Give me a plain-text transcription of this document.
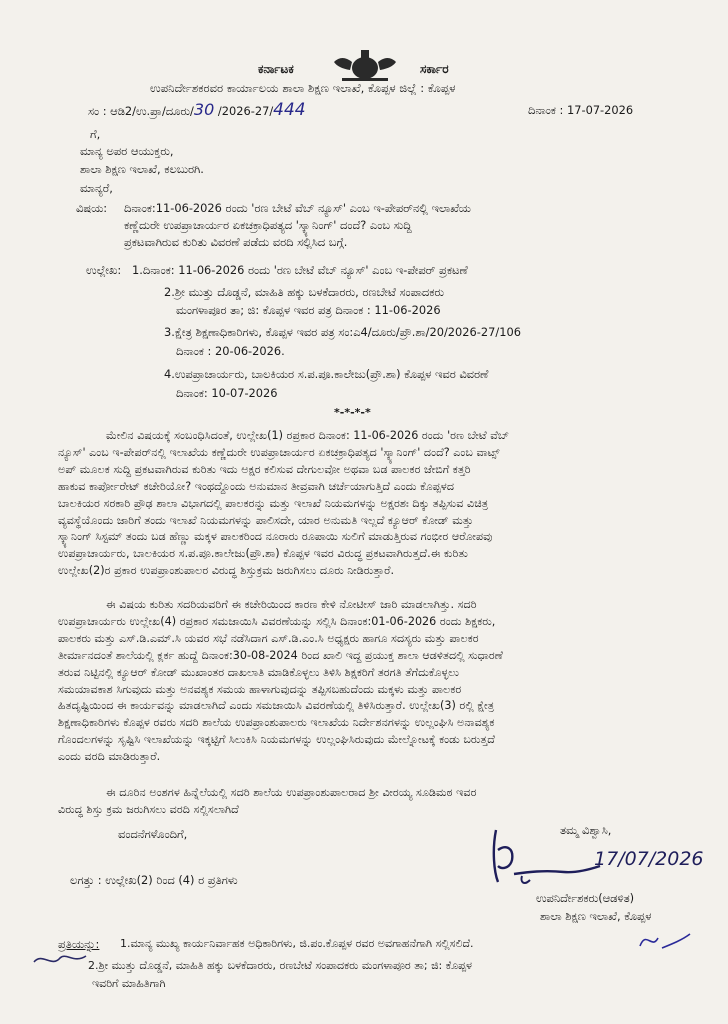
ಕರ್ನಾಟಕ	ಸರ್ಕಾರ
ಉಪನಿರ್ದೇಶಕರವರ ಕಾರ್ಯಾಲಯ ಶಾಲಾ ಶಿಕ್ಷಣ ಇಲಾಖೆ, ಕೊಪ್ಪಳ ಜಿಲ್ಲೆ : ಕೊಪ್ಪಳ
ಸಂ : ಆಡಿ2/ಉ.ಪ್ರಾ/ದೂರು/30 /2026-27/444	ದಿನಾಂಕ : 17-07-2026
ಗೆ,
ಮಾನ್ಯ ಅಪರ ಆಯುಕ್ತರು,
ಶಾಲಾ ಶಿಕ್ಷಣ ಇಲಾಖೆ, ಕಲಬುರಗಿ.
ಮಾನ್ಯರೆ,
ವಿಷಯ: ದಿನಾಂಕ:11-06-2026 ರಂದು 'ರಣ ಬೇಟೆ ವೆಬ್ ನ್ಯೂಸ್' ಎಂಬ ಇ-ಪೇಪರ್‌ನಲ್ಲಿ ಇಲಾಖೆಯ
ಕಣ್ಣೆದುರೇ ಉಪಪ್ರಾಚಾರ್ಯರ ಏಕಚಕ್ರಾಧಿಪತ್ಯದ 'ಸ್ಕ್ಯಾನಿಂಗ್' ದಂದೆ? ಎಂಬ ಸುದ್ದಿ
ಪ್ರಕಟವಾಗಿರುವ ಕುರಿತು ವಿವರಣೆ ಪಡೆದು ವರದಿ ಸಲ್ಲಿಸಿದ ಬಗ್ಗೆ.
ಉಲ್ಲೇಖ: 1.ದಿನಾಂಕ: 11-06-2026 ರಂದು 'ರಣ ಬೇಟೆ ವೆಬ್ ನ್ಯೂಸ್' ಎಂಬ ಇ-ಪೇಪರ್ ಪ್ರಕಟಣೆ
2.ಶ್ರೀ ಮುತ್ತು ದೊಡ್ಡನೆ, ಮಾಹಿತಿ ಹಕ್ಕು ಬಳಕೆದಾರರು, ರಣಬೇಟೆ ಸಂಪಾದಕರು
ಮಂಗಳಾಪೂರ ತಾ; ಜಿ: ಕೊಪ್ಪಳ ಇವರ ಪತ್ರ ದಿನಾಂಕ : 11-06-2026
3.ಕ್ಷೇತ್ರ ಶಿಕ್ಷಣಾಧಿಕಾರಿಗಳು, ಕೊಪ್ಪಳ ಇವರ ಪತ್ರ ಸಂ:ಎ4/ದೂರು/ಪ್ರೌ.ಶಾ/20/2026-27/106
ದಿನಾಂಕ : 20-06-2026.
4.ಉಪಪ್ರಾಚಾರ್ಯರು, ಬಾಲಕಿಯರ ಸ.ಪ.ಪೂ.ಕಾಲೇಜು(ಪ್ರೌ.ಶಾ) ಕೊಪ್ಪಳ ಇವರ ವಿವರಣೆ
ದಿನಾಂಕ: 10-07-2026
*-*-*-*
ಮೇಲಿನ ವಿಷಯಕ್ಕೆ ಸಂಬಂಧಿಸಿದಂತೆ, ಉಲ್ಲೇಖ(1) ರಪ್ರಕಾರ ದಿನಾಂಕ: 11-06-2026 ರಂದು 'ರಣ ಬೇಟೆ ವೆಬ್
ನ್ಯೂಸ್' ಎಂಬ ಇ-ಪೇಪರ್‌ನಲ್ಲಿ ಇಲಾಖೆಯ ಕಣ್ಣೆದುರೇ ಉಪಪ್ರಾಚಾರ್ಯರ ಏಕಚಕ್ರಾಧಿಪತ್ಯದ 'ಸ್ಕ್ಯಾನಿಂಗ್' ದಂದೆ? ಎಂಬ ವಾಟ್ಸ್
ಅಪ್ ಮೂಲಕ ಸುದ್ದಿ ಪ್ರಕಟವಾಗಿರುವ ಕುರಿತು ಇದು ಅಕ್ಷರ ಕಲಿಸುವ ದೇಗುಲವೋ ಅಥವಾ ಬಡ ಪಾಲಕರ ಜೇಬಿಗೆ ಕತ್ತರಿ
ಹಾಕುವ ಕಾರ್ಪೋರೇಟ್ ಕಚೇರಿಯೋ? ಇಂಥದ್ದೊಂದು ಅನುಮಾನ ತೀವ್ರವಾಗಿ ಚರ್ಚೆಯಾಗುತ್ತಿದೆ ಎಂದು ಕೊಪ್ಪಳದ
ಬಾಲಕಿಯರ ಸರಕಾರಿ ಪ್ರೌಢ ಶಾಲಾ ವಿಭಾಗದಲ್ಲಿ ಪಾಲಕರನ್ನು ಮತ್ತು ಇಲಾಖೆ ನಿಯಮಗಳನ್ನು ಅಕ್ಷರಶಃ ದಿಕ್ಕು ತಪ್ಪಿಸುವ ವಿಚಿತ್ರ
ವ್ಯವಸ್ಥೆಯೊಂದು ಜಾರಿಗೆ ತಂದು ಇಲಾಖೆ ನಿಯಮಗಳನ್ನು ಪಾಲಿಸದೇ, ಯಾರ ಅನುಮತಿ ಇಲ್ಲದೆ ಕ್ಯೂಆರ್ ಕೋಡ್ ಮತ್ತು
ಸ್ಕ್ಯಾನಿಂಗ್ ಸಿಸ್ಟಮ್ ತಂದು ಬಡ ಹೆಣ್ಣು ಮಕ್ಕಳ ಪಾಲಕರಿಂದ ನೂರಾರು ರೂಪಾಯಿ ಸುಲಿಗೆ ಮಾಡುತ್ತಿರುವ ಗಂಭೀರ ಆರೋಪವು
ಉಪಪ್ರಾಚಾರ್ಯರು, ಬಾಲಕಿಯರ ಸ.ಪ.ಪೂ.ಕಾಲೇಜು(ಪ್ರೌ.ಶಾ) ಕೊಪ್ಪಳ ಇವರ ವಿರುದ್ಧ ಪ್ರಕಟವಾಗಿರುತ್ತದೆ.ಈ ಕುರಿತು
ಉಲ್ಲೇಖ(2)ರ ಪ್ರಕಾರ ಉಪಪ್ರಾಂಶುಪಾಲರ ವಿರುದ್ಧ ಶಿಸ್ತುಕ್ರಮ ಜರುಗಿಸಲು ದೂರು ನೀಡಿರುತ್ತಾರೆ.
ಈ ವಿಷಯ ಕುರಿತು ಸದರಿಯವರಿಗೆ ಈ ಕಚೇರಿಯಿಂದ ಕಾರಣ ಕೇಳಿ ನೋಟೀಸ್ ಜಾರಿ ಮಾಡಲಾಗಿತ್ತು. ಸದರಿ
ಉಪಪ್ರಾಚಾರ್ಯರು ಉಲ್ಲೇಖ(4) ರಪ್ರಕಾರ ಸಮಜಾಯಿಸಿ ವಿವರಣೆಯನ್ನು ಸಲ್ಲಿಸಿ ದಿನಾಂಕ:01-06-2026 ರಂದು ಶಿಕ್ಷಕರು,
ಪಾಲಕರು ಮತ್ತು ಎಸ್.ಡಿ.ಎಮ್.ಸಿ ಯವರ ಸಭೆ ನಡೆಸಿದಾಗ ಎಸ್.ಡಿ.ಎಂ.ಸಿ ಅಧ್ಯಕ್ಷರು ಹಾಗೂ ಸದಸ್ಯರು ಮತ್ತು ಪಾಲಕರ
ತೀರ್ಮಾನದಂತೆ ಶಾಲೆಯಲ್ಲಿ ಕ್ಲರ್ಕ ಹುದ್ದೆ ದಿನಾಂಕ:30-08-2024 ರಿಂದ ಖಾಲಿ ಇದ್ದ ಪ್ರಯುಕ್ತ ಶಾಲಾ ಆಡಳಿತದಲ್ಲಿ ಸುಧಾರಣೆ
ತರುವ ನಿಟ್ಟಿನಲ್ಲಿ ಕ್ಯೂಆರ್ ಕೋಡ್ ಮುಖಾಂತರ ದಾಖಲಾತಿ ಮಾಡಿಕೊಳ್ಳಲು ತಿಳಿಸಿ ಶಿಕ್ಷಕರಿಗೆ ತರಗತಿ ತೆಗೆದುಕೊಳ್ಳಲು
ಸಮಯಾವಕಾಶ ಸಿಗುವುದು ಮತ್ತು ಅನವಶ್ಯಕ ಸಮಯ ಹಾಳಾಗುವುದನ್ನು ತಪ್ಪಿಸಬಹುದೆಂದು ಮಕ್ಕಳು ಮತ್ತು ಪಾಲಕರ
ಹಿತದೃಷ್ಟಿಯಿಂದ ಈ ಕಾರ್ಯವನ್ನು ಮಾಡಲಾಗಿದೆ ಎಂದು ಸಮಜಾಯಿಸಿ ವಿವರಣೆಯಲ್ಲಿ ತಿಳಿಸಿರುತ್ತಾರೆ. ಉಲ್ಲೇಖ(3) ರಲ್ಲಿ ಕ್ಷೇತ್ರ
ಶಿಕ್ಷಣಾಧಿಕಾರಿಗಳು ಕೊಪ್ಪಳ ರವರು ಸದರಿ ಶಾಲೆಯ ಉಪಪ್ರಾಂಶುಪಾಲರು ಇಲಾಖೆಯ ನಿರ್ದೇಶನಗಳನ್ನು ಉಲ್ಲಂಘಿಸಿ ಅನಾವಶ್ಯಕ
ಗೊಂದಲಗಳನ್ನು ಸೃಷ್ಟಿಸಿ ಇಲಾಖೆಯನ್ನು ಇಕ್ಕಟ್ಟಿಗೆ ಸಿಲುಕಿಸಿ ನಿಯಮಗಳನ್ನು ಉಲ್ಲಂಘಿಸಿರುವುದು ಮೇಲ್ನೋಟಕ್ಕೆ ಕಂಡು ಬರುತ್ತದೆ
ಎಂದು ವರದಿ ಮಾಡಿರುತ್ತಾರೆ.
ಈ ದೂರಿನ ಅಂಶಗಳ ಹಿನ್ನೆಲೆಯಲ್ಲಿ ಸದರಿ ಶಾಲೆಯ ಉಪಪ್ರಾಂಶುಪಾಲರಾದ ಶ್ರೀ ವೀರಯ್ಯ ಸೂಡಿಮಠ ಇವರ
ವಿರುದ್ಧ ಶಿಸ್ತು ಕ್ರಮ ಜರುಗಿಸಲು ವರದಿ ಸಲ್ಲಿಸಲಾಗಿದೆ
ವಂದನೆಗಳೊಂದಿಗೆ,	ತಮ್ಮ ವಿಶ್ವಾಸಿ,
17/07/2026
ಉಪನಿರ್ದೇಶಕರು(ಆಡಳಿತ)
ಶಾಲಾ ಶಿಕ್ಷಣ ಇಲಾಖೆ, ಕೊಪ್ಪಳ
ಲಗತ್ತು : ಉಲ್ಲೇಖ(2) ರಿಂದ (4) ರ ಪ್ರತಿಗಳು
ಪ್ರತಿಯನ್ನು: 1.ಮಾನ್ಯ ಮುಖ್ಯ ಕಾರ್ಯನಿರ್ವಾಹಕ ಅಧಿಕಾರಿಗಳು, ಜಿ.ಪಂ.ಕೊಪ್ಪಳ ರವರ ಅವಗಾಹನೆಗಾಗಿ ಸಲ್ಲಿಸಲಿದೆ.
2.ಶ್ರೀ ಮುತ್ತು ದೊಡ್ಡನೆ, ಮಾಹಿತಿ ಹಕ್ಕು ಬಳಕೆದಾರರು, ರಣಬೇಟೆ ಸಂಪಾದಕರು ಮಂಗಳಾಪೂರ ತಾ; ಜಿ: ಕೊಪ್ಪಳ
ಇವರಿಗೆ ಮಾಹಿತಿಗಾಗಿ
